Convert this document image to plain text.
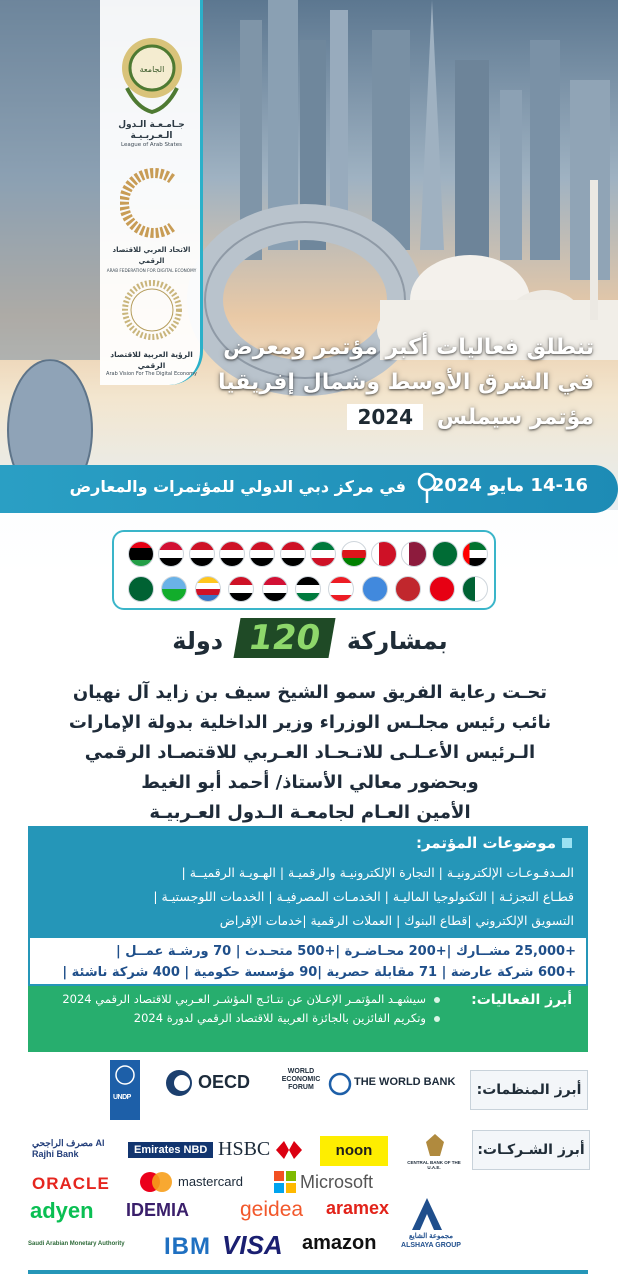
الجامعة
جـامـعـة الـدول الـعـربـيـة
League of Arab States
الاتحاد العربي للاقتصاد الرقمي
ARAB FEDERATION FOR DIGITAL ECONOMY
الرؤية العربية للاقتصاد الرقمي
Arab Vision For The Digital Economy
تنطلق فعاليات أكبر مؤتمر ومعرض
في الشرق الأوسط وشمال إفريقيا
مؤتمر سيملس 2024
14-16 مايو 2024
في مركز دبي الدولي للمؤتمرات والمعارض
بمشاركة 120 دولة
تحـت رعاية الفريق سمو الشيخ سيف بن زايد آل نهيان
نائب رئيس مجلـس الوزراء وزير الداخلية بدولة الإمارات
الـرئيس الأعـلـى للاتـحـاد العـربي للاقتصـاد الرقمي
وبحضور معالي الأستاذ/ أحمد أبو الغيط
الأمين العـام لجامعـة الـدول العـربيـة
موضوعات المؤتمر:
المـدفـوعـات الإلكترونيـة | التجارة الإلكترونيـة والرقميـة | الهـويـة الرقميــة |
قطـاع التجزئـة | التكنولوجيا الماليـة | الخدمـات المصرفيـة | الخدمات اللوجستيـة |
التسويق الإلكتروني |قطاع البنوك | العملات الرقمية |خدمات الإقراض
+25,000 مشــارك |+200 محـاضـرة |+500 متحـدث | 70 ورشـة عمــل |
+600 شركة عارضة | 71 مقابلة حصرية |90 مؤسسة حكومية | 400 شركة ناشئة |
أبرز الفعاليات:
سيشهـد المؤتمـر الإعـلان عن نتـائـج المؤشـر العـربي للاقتصاد الرقمي 2024
وتكريم الفائزين بالجائزة العربية للاقتصاد الرقمي لدورة 2024
أبرز المنظمات:
UNDP
OECD
WORLD ECONOMIC FORUM	THE WORLD BANK
أبرز الشـركـات:
مصرف الراجحي Al Rajhi Bank	Emirates NBD HSBC	noon
CENTRAL BANK OF THE U.A.E.
ORACLE	mastercard	Microsoft
adyen IDEMIA geidea aramex
مجموعة الشايع ALSHAYA GROUP
Saudi Arabian Monetary Authority IBM VISA amazon
